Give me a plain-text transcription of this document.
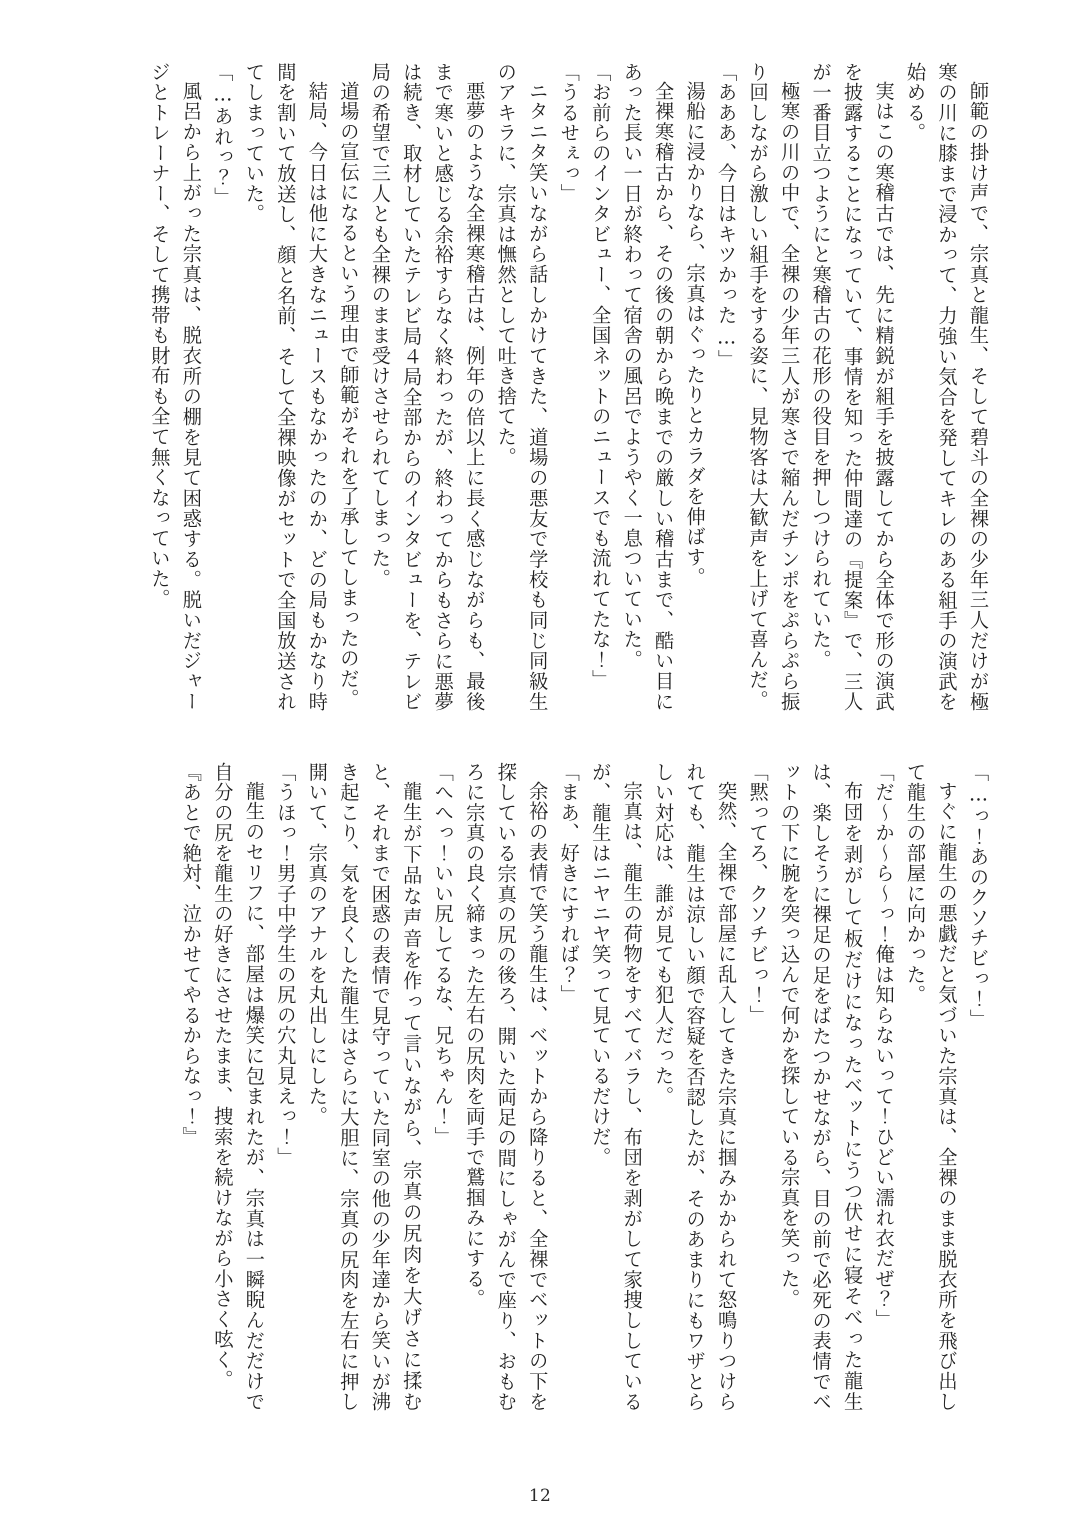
師範の掛け声で、宗真と龍生、そして碧斗の全裸の少年三人だけが極寒の川に膝まで浸かって、力強い気合を発してキレのある組手の演武を始める。

実はこの寒稽古では、先に精鋭が組手を披露してから全体で形の演武を披露することになっていて、事情を知った仲間達の『提案』で、三人が一番目立つようにと寒稽古の花形の役目を押しつけられていた。

極寒の川の中で、全裸の少年三人が寒さで縮んだチンポをぷらぷら振り回しながら激しい組手をする姿に、見物客は大歓声を上げて喜んだ。

「あああ、今日はキツかった…」

湯船に浸かりなら、宗真はぐったりとカラダを伸ばす。

全裸寒稽古から、その後の朝から晩までの厳しい稽古まで、酷い目にあった長い一日が終わって宿舎の風呂でようやく一息ついていた。

「お前らのインタビュー、全国ネットのニュースでも流れてたな！」

「うるせぇっ」

ニタニタ笑いながら話しかけてきた、道場の悪友で学校も同じ同級生のアキラに、宗真は憮然として吐き捨てた。

悪夢のような全裸寒稽古は、例年の倍以上に長く感じながらも、最後まで寒いと感じる余裕すらなく終わったが、終わってからもさらに悪夢は続き、取材していたテレビ局４局全部からのインタビューを、テレビ局の希望で三人とも全裸のまま受けさせられてしまった。

道場の宣伝になるという理由で師範がそれを了承してしまったのだ。

結局、今日は他に大きなニュースもなかったのか、どの局もかなり時間を割いて放送し、顔と名前、そして全裸映像がセットで全国放送されてしまっていた。

「…あれっ？」

風呂から上がった宗真は、脱衣所の棚を見て困惑する。脱いだジャージとトレーナー、そして携帯も財布も全て無くなっていた。

「…っ！あのクソチビっ！」

すぐに龍生の悪戯だと気づいた宗真は、全裸のまま脱衣所を飛び出して龍生の部屋に向かった。

「だ～か～ら～っ！俺は知らないって！ひどい濡れ衣だぜ？」

布団を剥がして板だけになったベットにうつ伏せに寝そべった龍生は、楽しそうに裸足の足をばたつかせながら、目の前で必死の表情でベットの下に腕を突っ込んで何かを探している宗真を笑った。

「黙ってろ、クソチビっ！」

突然、全裸で部屋に乱入してきた宗真に掴みかかられて怒鳴りつけられても、龍生は涼しい顔で容疑を否認したが、そのあまりにもワザとらしい対応は、誰が見ても犯人だった。

宗真は、龍生の荷物をすべてバラし、布団を剥がして家捜ししているが、龍生はニヤニヤ笑って見ているだけだ。

「まあ、好きにすれば？」

余裕の表情で笑う龍生は、ベットから降りると、全裸でベットの下を探している宗真の尻の後ろ、開いた両足の間にしゃがんで座り、おもむろに宗真の良く締まった左右の尻肉を両手で鷲掴みにする。

「へへっ！いい尻してるな、兄ちゃん！」

龍生が下品な声音を作って言いながら、宗真の尻肉を大げさに揉むと、それまで困惑の表情で見守っていた同室の他の少年達から笑いが沸き起こり、気を良くした龍生はさらに大胆に、宗真の尻肉を左右に押し開いて、宗真のアナルを丸出しにした。

「うほっ！男子中学生の尻の穴丸見えっ！」

龍生のセリフに、部屋は爆笑に包まれたが、宗真は一瞬睨んだだけで自分の尻を龍生の好きにさせたまま、捜索を続けながら小さく呟く。

『あとで絶対、泣かせてやるからなっ！』

12
